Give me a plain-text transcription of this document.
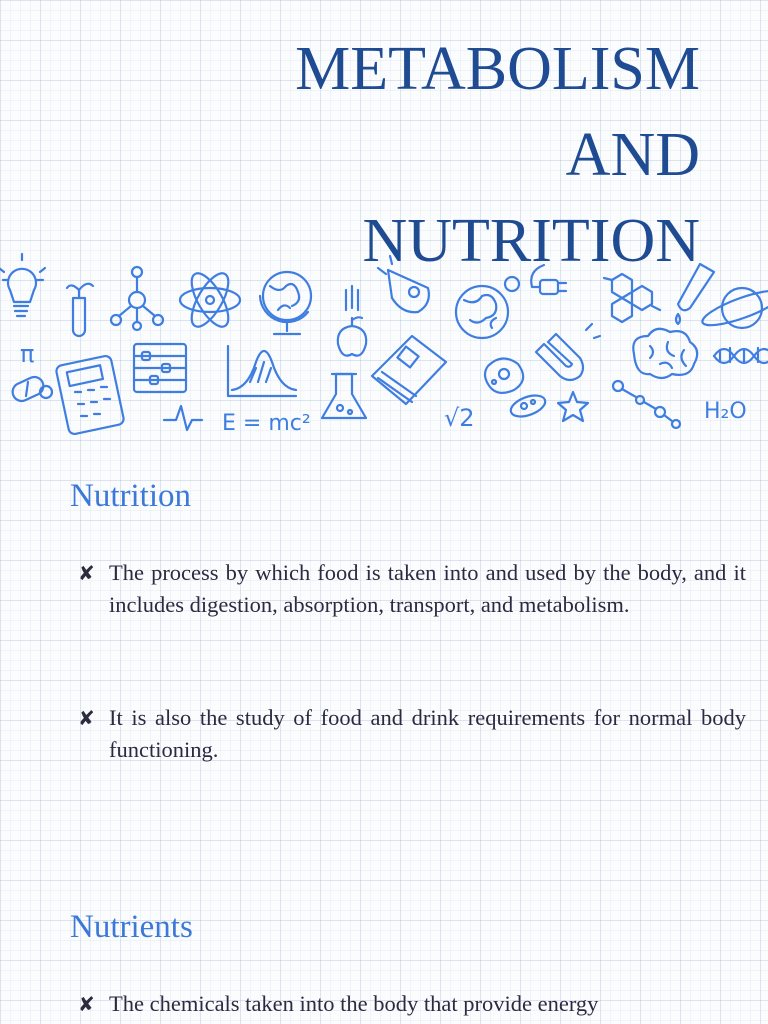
METABOLISM
AND
NUTRITION
π
E = mc²	√2	H₂O
Nutrition
✘ The process by which food is taken into and used by the body, and it includes digestion, absorption, transport, and metabolism.
✘ It is also the study of food and drink requirements for normal body functioning.
Nutrients
✘ The chemicals taken into the body that provide energy
